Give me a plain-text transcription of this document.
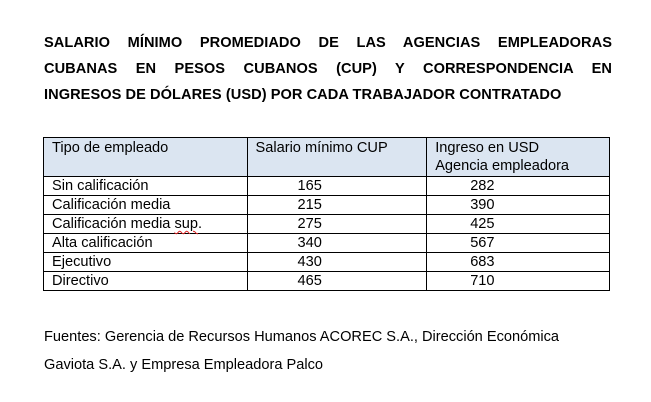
SALARIO MÍNIMO PROMEDIADO DE LAS AGENCIAS EMPLEADORAS
CUBANAS EN PESOS CUBANOS (CUP) Y CORRESPONDENCIA EN
INGRESOS DE DÓLARES (USD) POR CADA TRABAJADOR CONTRATADO
Tipo de empleado	Salario mínimo CUP	Ingreso en USD
Agencia empleadora
Sin calificación	165	282
Calificación media	215	390
Calificación media sup.	275	425
Alta calificación	340	567
Ejecutivo	430	683
Directivo	465	710
Fuentes: Gerencia de Recursos Humanos ACOREC S.A., Dirección Económica
Gaviota S.A. y Empresa Empleadora Palco
